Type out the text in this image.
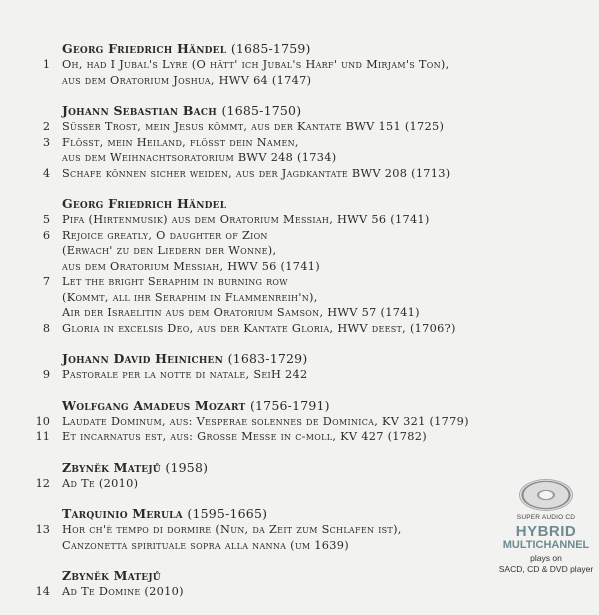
Georg Friedrich Händel (1685-1759)
1 Oh, had I Jubal's Lyre (O hätt' ich Jubal's Harf' und Mirjam's Ton),
aus dem Oratorium Joshua, HWV 64 (1747)
Johann Sebastian Bach (1685-1750)
2 Süsser Trost, mein Jesus kömmt, aus der Kantate BWV 151 (1725)
3 Flösst, mein Heiland, flösst dein Namen,
aus dem Weihnachtsoratorium BWV 248 (1734)
4 Schafe können sicher weiden, aus der Jagdkantate BWV 208 (1713)
Georg Friedrich Händel
5 Pifa (Hirtenmusik) aus dem Oratorium Messiah, HWV 56 (1741)
6 Rejoice greatly, O daughter of Zion
(Erwach' zu den Liedern der Wonne),
aus dem Oratorium Messiah, HWV 56 (1741)
7 Let the bright Seraphim in burning row
(Kommt, all ihr Seraphim in Flammenreih'n),
Air der Israelitin aus dem Oratorium Samson, HWV 57 (1741)
8 Gloria in excelsis Deo, aus der Kantate Gloria, HWV deest, (1706?)
Johann David Heinichen (1683-1729)
9 Pastorale per la notte di natale, SeiH 242
Wolfgang Amadeus Mozart (1756-1791)
10 Laudate Dominum, aus: Vesperae solennes de Dominica, KV 321 (1779)
11 Et incarnatus est, aus: Grosse Messe in c-moll, KV 427 (1782)
Zbyněk Matejů (1958)
12 Ad Te (2010)
Tarquinio Merula (1595-1665)
13 Hor ch'è tempo di dormire (Nun, da Zeit zum Schlafen ist),
Canzonetta spirituale sopra alla nanna (um 1639)
Zbyněk Matejů
14 Ad Te Domine (2010)
SUPER AUDIO CD
HYBRID
MULTICHANNEL
plays on
SACD, CD & DVD player
